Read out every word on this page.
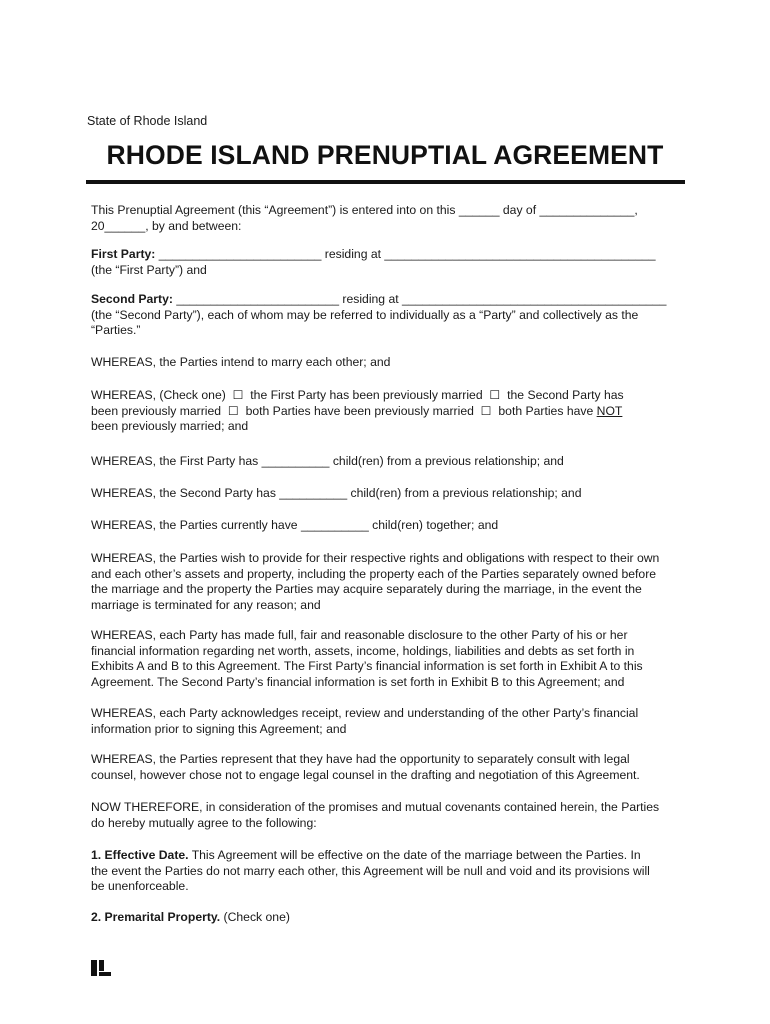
State of Rhode Island
RHODE ISLAND PRENUPTIAL AGREEMENT
This Prenuptial Agreement (this “Agreement”) is entered into on this ______ day of ______________,
20______, by and between:
First Party: ________________________ residing at ________________________________________
(the “First Party”) and
Second Party: ________________________ residing at _______________________________________
(the “Second Party”), each of whom may be referred to individually as a “Party” and collectively as the
“Parties.”
WHEREAS, the Parties intend to marry each other; and
WHEREAS, (Check one) ☐ the First Party has been previously married ☐ the Second Party has
been previously married ☐ both Parties have been previously married ☐ both Parties have NOT
been previously married; and
WHEREAS, the First Party has __________ child(ren) from a previous relationship; and
WHEREAS, the Second Party has __________ child(ren) from a previous relationship; and
WHEREAS, the Parties currently have __________ child(ren) together; and
WHEREAS, the Parties wish to provide for their respective rights and obligations with respect to their own
and each other’s assets and property, including the property each of the Parties separately owned before
the marriage and the property the Parties may acquire separately during the marriage, in the event the
marriage is terminated for any reason; and
WHEREAS, each Party has made full, fair and reasonable disclosure to the other Party of his or her
financial information regarding net worth, assets, income, holdings, liabilities and debts as set forth in
Exhibits A and B to this Agreement. The First Party’s financial information is set forth in Exhibit A to this
Agreement. The Second Party’s financial information is set forth in Exhibit B to this Agreement; and
WHEREAS, each Party acknowledges receipt, review and understanding of the other Party’s financial
information prior to signing this Agreement; and
WHEREAS, the Parties represent that they have had the opportunity to separately consult with legal
counsel, however chose not to engage legal counsel in the drafting and negotiation of this Agreement.
NOW THEREFORE, in consideration of the promises and mutual covenants contained herein, the Parties
do hereby mutually agree to the following:
1. Effective Date. This Agreement will be effective on the date of the marriage between the Parties. In
the event the Parties do not marry each other, this Agreement will be null and void and its provisions will
be unenforceable.
2. Premarital Property. (Check one)
